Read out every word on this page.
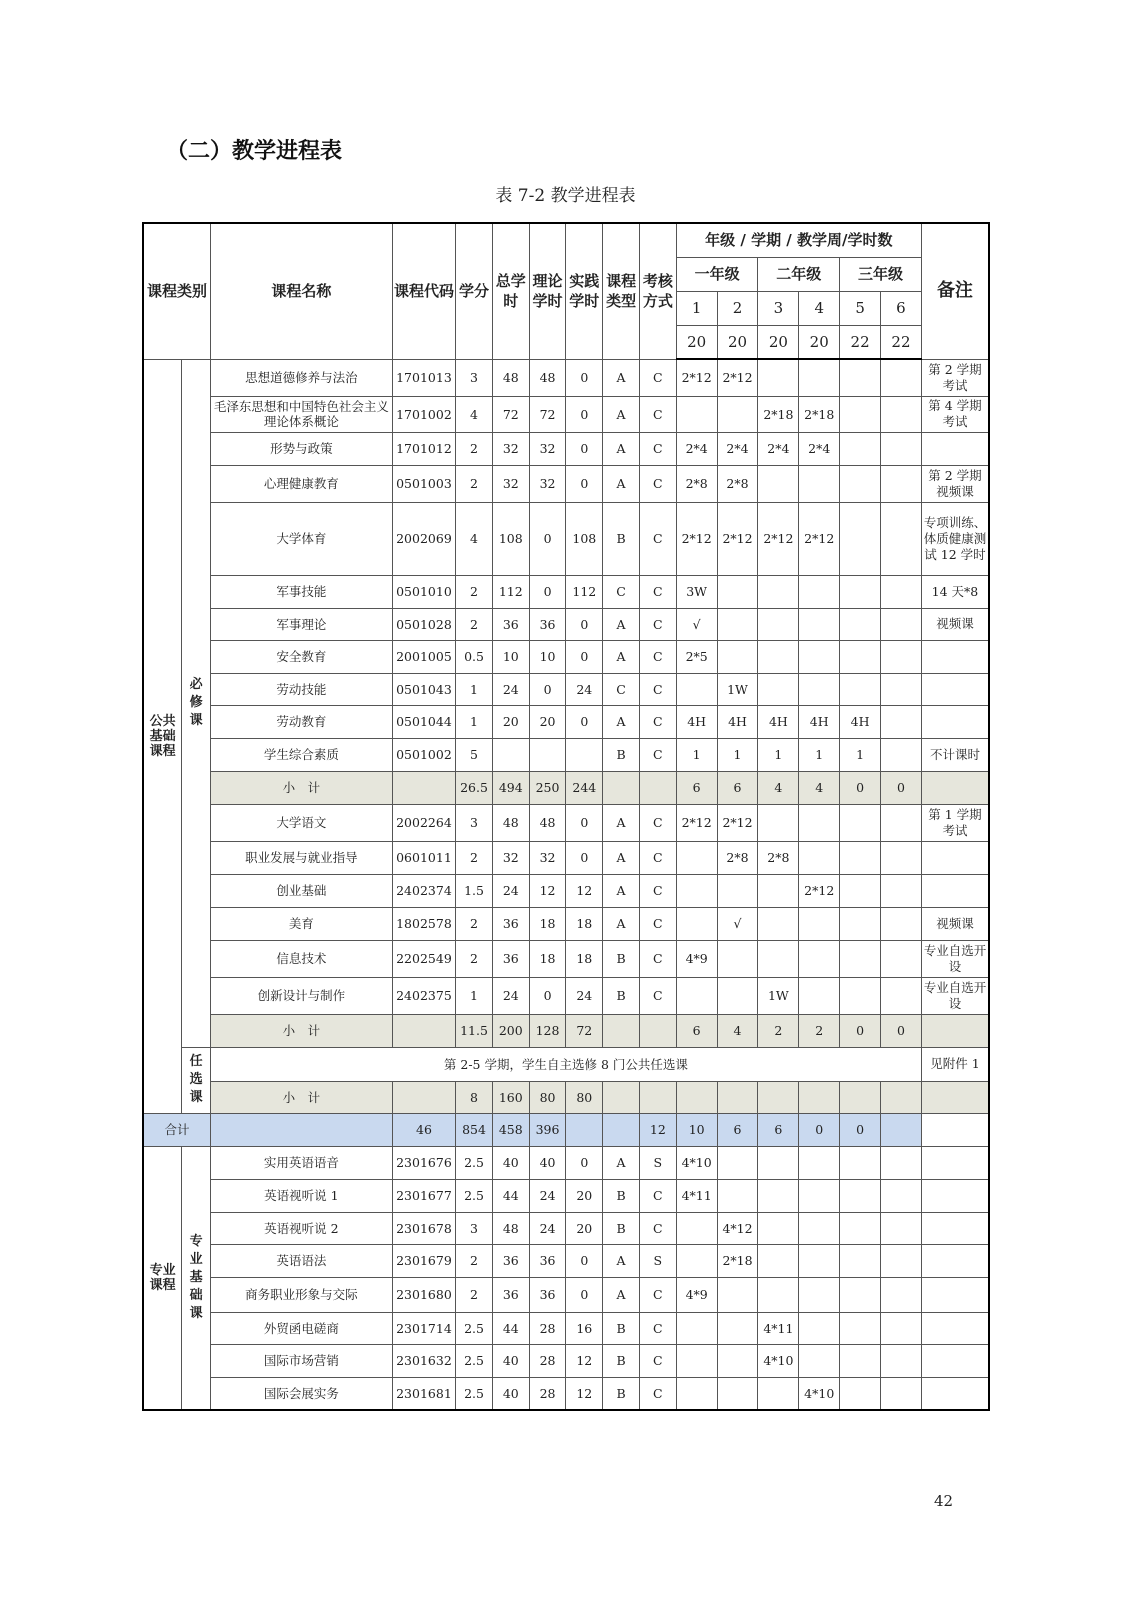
（二）教学进程表
表 7-2 教学进程表
课程类别		课程名称	课程代码	学分	总学时	理论学时	实践学时	课程类型	考核方式	年级 / 学期 / 教学周/学时数						备注
										一年级		二年级		三年级		
										1	2	3	4	5	6	
										20	20	20	20	22	22	

公共
基础
课程	必
修
课	思想道德修养与法治	1701013	3	48	48	0	A	C	2*12	2*12					第 2 学期考试
		毛泽东思想和中国特色社会主义理论体系概论	1701002	4	72	72	0	A	C			2*18	2*18			第 4 学期考试
		形势与政策	1701012	2	32	32	0	A	C	2*4	2*4	2*4	2*4			
		心理健康教育	0501003	2	32	32	0	A	C	2*8	2*8					第 2 学期视频课
		大学体育	2002069	4	108	0	108	B	C	2*12	2*12	2*12	2*12			专项训练、体质健康测试 12 学时
		军事技能	0501010	2	112	0	112	C	C	3W						14 天*8
		军事理论	0501028	2	36	36	0	A	C	√						视频课
		安全教育	2001005	0.5	10	10	0	A	C	2*5						
		劳动技能	0501043	1	24	0	24	C	C		1W					
		劳动教育	0501044	1	20	20	0	A	C	4H	4H	4H	4H	4H		
		学生综合素质	0501002	5				B	C	1	1	1	1	1		不计课时
		小　计		26.5	494	250	244			6	6	4	4	0	0	
		大学语文	2002264	3	48	48	0	A	C	2*12	2*12					第 1 学期考试
		职业发展与就业指导	0601011	2	32	32	0	A	C		2*8	2*8				
		创业基础	2402374	1.5	24	12	12	A	C				2*12			
		美育	1802578	2	36	18	18	A	C		√					视频课
		信息技术	2202549	2	36	18	18	B	C	4*9						专业自选开设
		创新设计与制作	2402375	1	24	0	24	B	C			1W				专业自选开设
		小　计		11.5	200	128	72			6	4	2	2	0	0	

	任
选
课	第 2-5 学期，学生自主选修 8 门公共任选课														见附件 1
		小　计		8	160	80	80									
合计			46	854	458	396			12	10	6	6	0	0		

专业
课程	专
业
基
础
课	实用英语语音	2301676	2.5	40	40	0	A	S	4*10						
		英语视听说 1	2301677	2.5	44	24	20	B	C	4*11						
		英语视听说 2	2301678	3	48	24	20	B	C		4*12					
		英语语法	2301679	2	36	36	0	A	S		2*18					
		商务职业形象与交际	2301680	2	36	36	0	A	C	4*9						
		外贸函电磋商	2301714	2.5	44	28	16	B	C			4*11				
		国际市场营销	2301632	2.5	40	28	12	B	C			4*10				
		国际会展实务	2301681	2.5	40	28	12	B	C				4*10			
42
